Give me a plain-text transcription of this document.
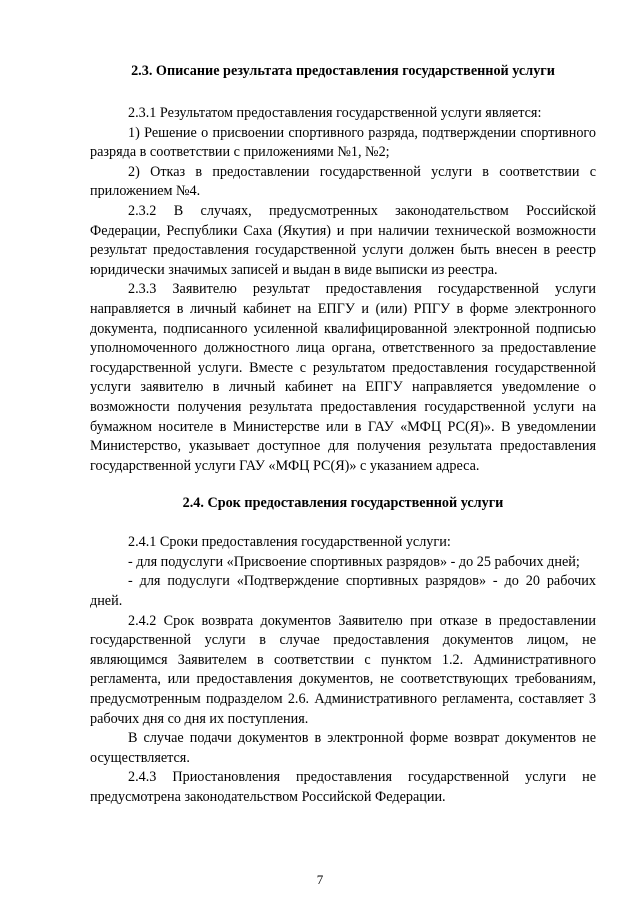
2.3. Описание результата предоставления государственной услуги

2.3.1 Результатом предоставления государственной услуги является:

1) Решение о присвоении спортивного разряда, подтверждении спортивного разряда в соответствии с приложениями №1, №2;

2) Отказ в предоставлении государственной услуги в соответствии с приложением №4.

2.3.2 В случаях, предусмотренных законодательством Российской Федерации, Республики Саха (Якутия) и при наличии технической возможности результат предоставления государственной услуги должен быть внесен в реестр юридически значимых записей и выдан в виде выписки из реестра.

2.3.3 Заявителю результат предоставления государственной услуги направляется в личный кабинет на ЕПГУ и (или) РПГУ в форме электронного документа, подписанного усиленной квалифицированной электронной подписью уполномоченного должностного лица органа, ответственного за предоставление государственной услуги. Вместе с результатом предоставления государственной услуги заявителю в личный кабинет на ЕПГУ направляется уведомление о возможности получения результата предоставления государственной услуги на бумажном носителе в Министерстве или в ГАУ «МФЦ РС(Я)». В уведомлении Министерство, указывает доступное для получения результата предоставления государственной услуги ГАУ «МФЦ РС(Я)» с указанием адреса.

2.4. Срок предоставления государственной услуги

2.4.1 Сроки предоставления государственной услуги:

- для подуслуги «Присвоение спортивных разрядов» - до 25 рабочих дней;

- для подуслуги «Подтверждение спортивных разрядов» - до 20 рабочих дней.

2.4.2 Срок возврата документов Заявителю при отказе в предоставлении государственной услуги в случае предоставления документов лицом, не являющимся Заявителем в соответствии с пунктом 1.2. Административного регламента, или предоставления документов, не соответствующих требованиям, предусмотренным подразделом 2.6. Административного регламента, составляет 3 рабочих дня со дня их поступления.

В случае подачи документов в электронной форме возврат документов не осуществляется.

2.4.3 Приостановления предоставления государственной услуги не предусмотрена законодательством Российской Федерации.

7
